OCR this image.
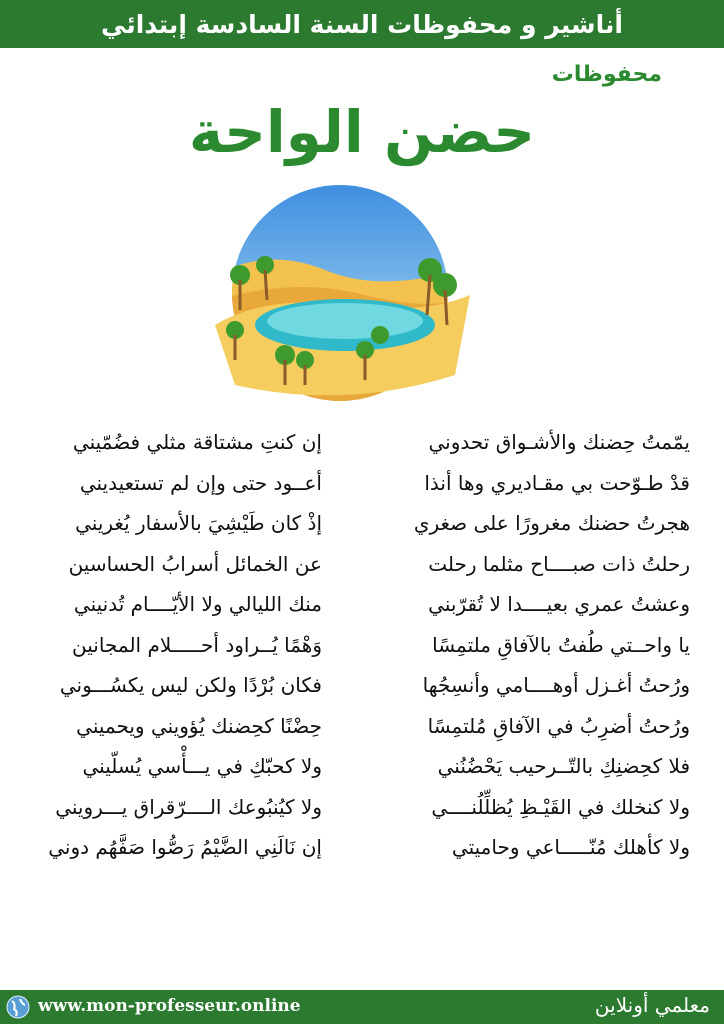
أناشير و محفوظات السنة السادسة إبتدائي
محفوظات
حضن الواحة
يمّمتُ حِضنك والأشـواق تحدوني
إن كنتِ مشتاقة مثلي فضُمّيني
قدْ طـوّحت بي مقـاديري وها أنذا
أعــود حتى وإن لم تستعيديني
هجرتُ حضنك مغرورًا على صغري
إذْ كان طَيْشِيَ بالأسفار يُغريني
رحلتُ ذات صبــــاح مثلما رحلت
عن الخمائل أسرابُ الحساسين
وعشتُ عمري بعيــــدا لا تُقرّبني
منك الليالي ولا الأيّــــام تُدنيني
يا واحــتي طُفتُ بالآفاقِ ملتمِسًا
وَهْمًا يُــراود أحـــــلام المجانين
ورُحتُ أغـزل أوهــــامي وأنسِجُها
فكان بُرْدًا ولكن ليس يكسُـــوني
ورُحتُ أضرِبُ في الآفاقِ مُلتمِسًا
حِضْنًا كحِضنك يُؤويني ويحميني
فلا كحِضنِكِ بالتّــرحيب يَحْضُنُني
ولا كحبّكِ في يـــأْسي يُسلّيني
ولا كنخلك في القَيْـظِ يُظلِّلُنــــي
ولا كيُنبُوعك الــــرّقراق يـــرويني
ولا كأهلك مُنّـــــاعي وحاميتي
إن نَالَنِي الضَّيْمُ رَصُّوا صَفَّهُم دوني
www.mon-professeur.online	معلمي أونلاين
